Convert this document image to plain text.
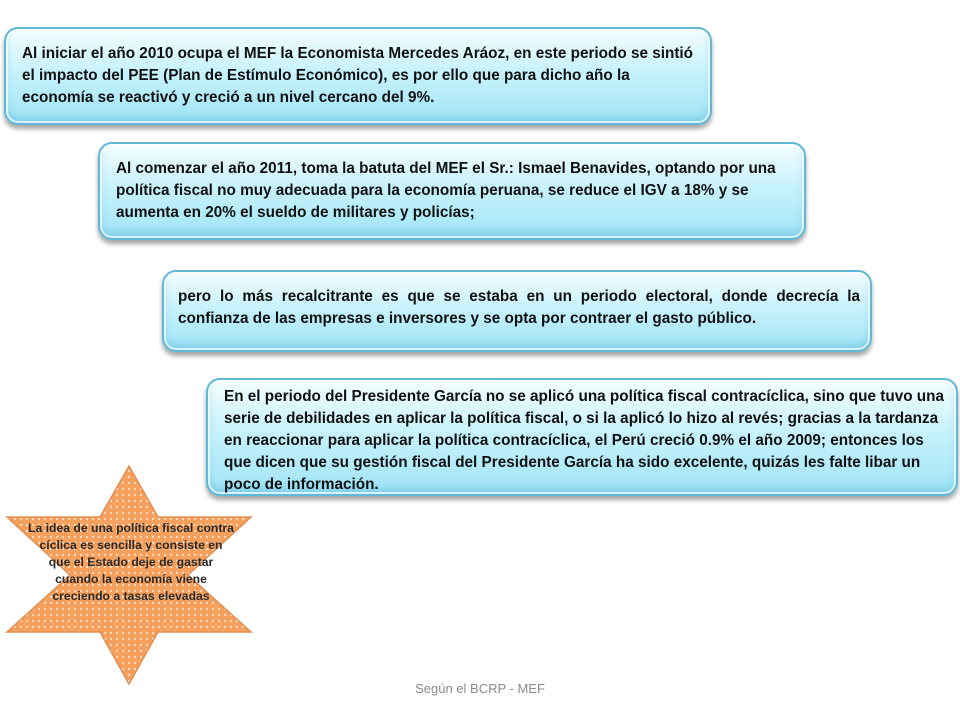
Al iniciar el año 2010 ocupa el MEF la Economista Mercedes Aráoz, en este periodo se sintió el impacto del PEE (Plan de Estímulo Económico), es por ello que para dicho año la economía se reactivó y creció a un nivel cercano del 9%.

Al comenzar el año 2011, toma la batuta del MEF el Sr.: Ismael Benavides, optando por una política fiscal no muy adecuada para la economía peruana, se reduce el IGV a 18% y se aumenta en 20% el sueldo de militares y policías;

pero lo más recalcitrante es que se estaba en un periodo electoral, donde decrecía la confianza de las empresas e inversores y se opta por contraer el gasto público.

En el periodo del Presidente García no se aplicó una política fiscal contracíclica, sino que tuvo una serie de debilidades en aplicar la política fiscal, o si la aplicó lo hizo al revés; gracias a la tardanza en reaccionar para aplicar la política contracíclica, el Perú creció 0.9% el año 2009; entonces los que dicen que su gestión fiscal del Presidente García ha sido excelente, quizás les falte libar un poco de información.

La idea de una política fiscal contra cíclica es sencilla y consiste en que el Estado deje de gastar cuando la economía viene creciendo a tasas elevadas
Según el BCRP - MEF
